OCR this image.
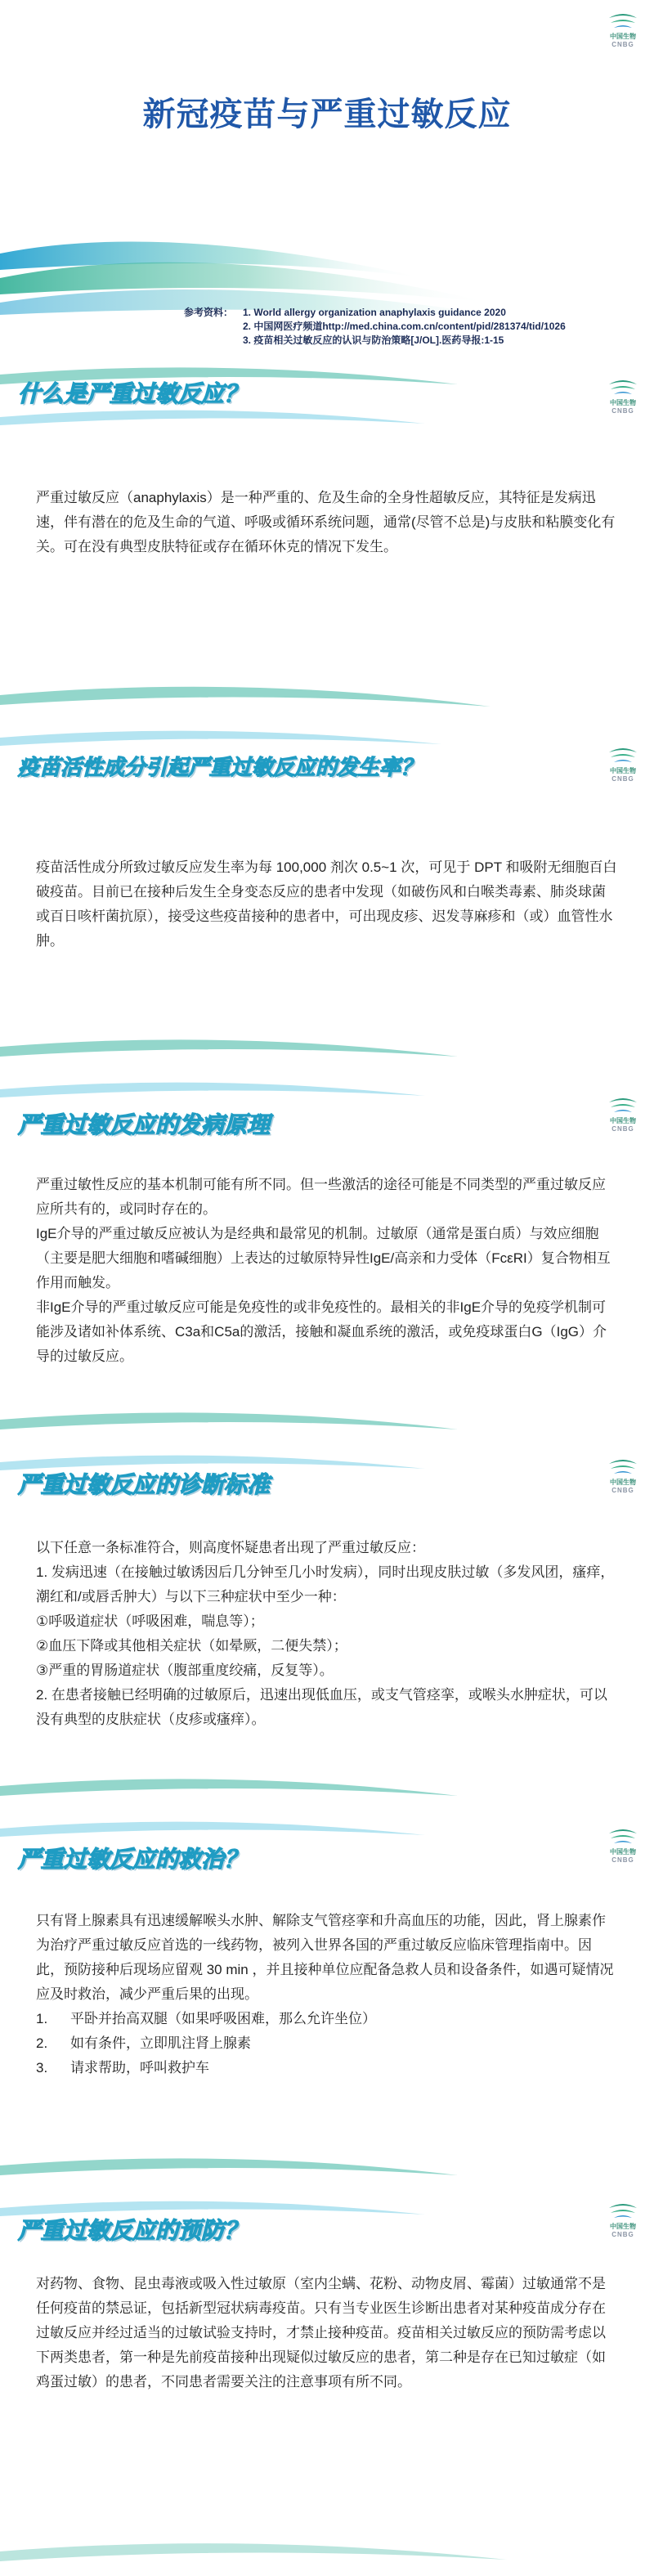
中国生物
CNBG
新冠疫苗与严重过敏反应
参考资料： 1. World allergy organization anaphylaxis guidance 2020
2. 中国网医疗频道http://med.china.com.cn/content/pid/281374/tid/1026
3. 疫苗相关过敏反应的认识与防治策略[J/OL].医药导报:1-15
什么是严重过敏反应？	中国生物
CNBG

严重过敏反应（anaphylaxis）是一种严重的、危及生命的全身性超敏反应，其特征是发病迅速，伴有潜在的危及生命的气道、呼吸或循环系统问题，通常(尽管不总是)与皮肤和粘膜变化有关。可在没有典型皮肤特征或存在循环休克的情况下发生。

疫苗活性成分引起严重过敏反应的发生率？	中国生物
CNBG

疫苗活性成分所致过敏反应发生率为每 100,000 剂次 0.5~1 次，可见于 DPT 和吸附无细胞百白破疫苗。目前已在接种后发生全身变态反应的患者中发现（如破伤风和白喉类毒素、肺炎球菌或百日咳杆菌抗原），接受这些疫苗接种的患者中，可出现皮疹、迟发荨麻疹和（或）血管性水肿。

严重过敏反应的发病原理	中国生物
CNBG

严重过敏性反应的基本机制可能有所不同。但一些激活的途径可能是不同类型的严重过敏反应应所共有的，或同时存在的。

IgE介导的严重过敏反应被认为是经典和最常见的机制。过敏原（通常是蛋白质）与效应细胞（主要是肥大细胞和嗜碱细胞）上表达的过敏原特异性IgE/高亲和力受体（FcεRI）复合物相互作用而触发。

非IgE介导的严重过敏反应可能是免疫性的或非免疫性的。最相关的非IgE介导的免疫学机制可能涉及诸如补体系统、C3a和C5a的激活，接触和凝血系统的激活，或免疫球蛋白G（IgG）介导的过敏反应。

严重过敏反应的诊断标准	中国生物
CNBG

以下任意一条标准符合，则高度怀疑患者出现了严重过敏反应：

1. 发病迅速（在接触过敏诱因后几分钟至几小时发病），同时出现皮肤过敏（多发风团，瘙痒，潮红和/或唇舌肿大）与以下三种症状中至少一种：

①呼吸道症状（呼吸困难，喘息等）；

②血压下降或其他相关症状（如晕厥，二便失禁）；

③严重的胃肠道症状（腹部重度绞痛，反复等）。

2. 在患者接触已经明确的过敏原后，迅速出现低血压，或支气管痉挛，或喉头水肿症状，可以没有典型的皮肤症状（皮疹或瘙痒）。

严重过敏反应的救治？	中国生物
CNBG

只有肾上腺素具有迅速缓解喉头水肿、解除支气管痉挛和升高血压的功能，因此，肾上腺素作为治疗严重过敏反应首选的一线药物，被列入世界各国的严重过敏反应临床管理指南中。因此，预防接种后现场应留观 30 min ，并且接种单位应配备急救人员和设备条件，如遇可疑情况应及时救治，减少严重后果的出现。

1.	平卧并抬高双腿（如果呼吸困难，那么允许坐位）
2.	如有条件，立即肌注肾上腺素
3.	请求帮助，呼叫救护车
严重过敏反应的预防？	中国生物
CNBG

对药物、食物、昆虫毒液或吸入性过敏原（室内尘螨、花粉、动物皮屑、霉菌）过敏通常不是任何疫苗的禁忌证，包括新型冠状病毒疫苗。只有当专业医生诊断出患者对某种疫苗成分存在过敏反应并经过适当的过敏试验支持时，才禁止接种疫苗。疫苗相关过敏反应的预防需考虑以下两类患者，第一种是先前疫苗接种出现疑似过敏反应的患者，第二种是存在已知过敏症（如鸡蛋过敏）的患者，不同患者需要关注的注意事项有所不同。
